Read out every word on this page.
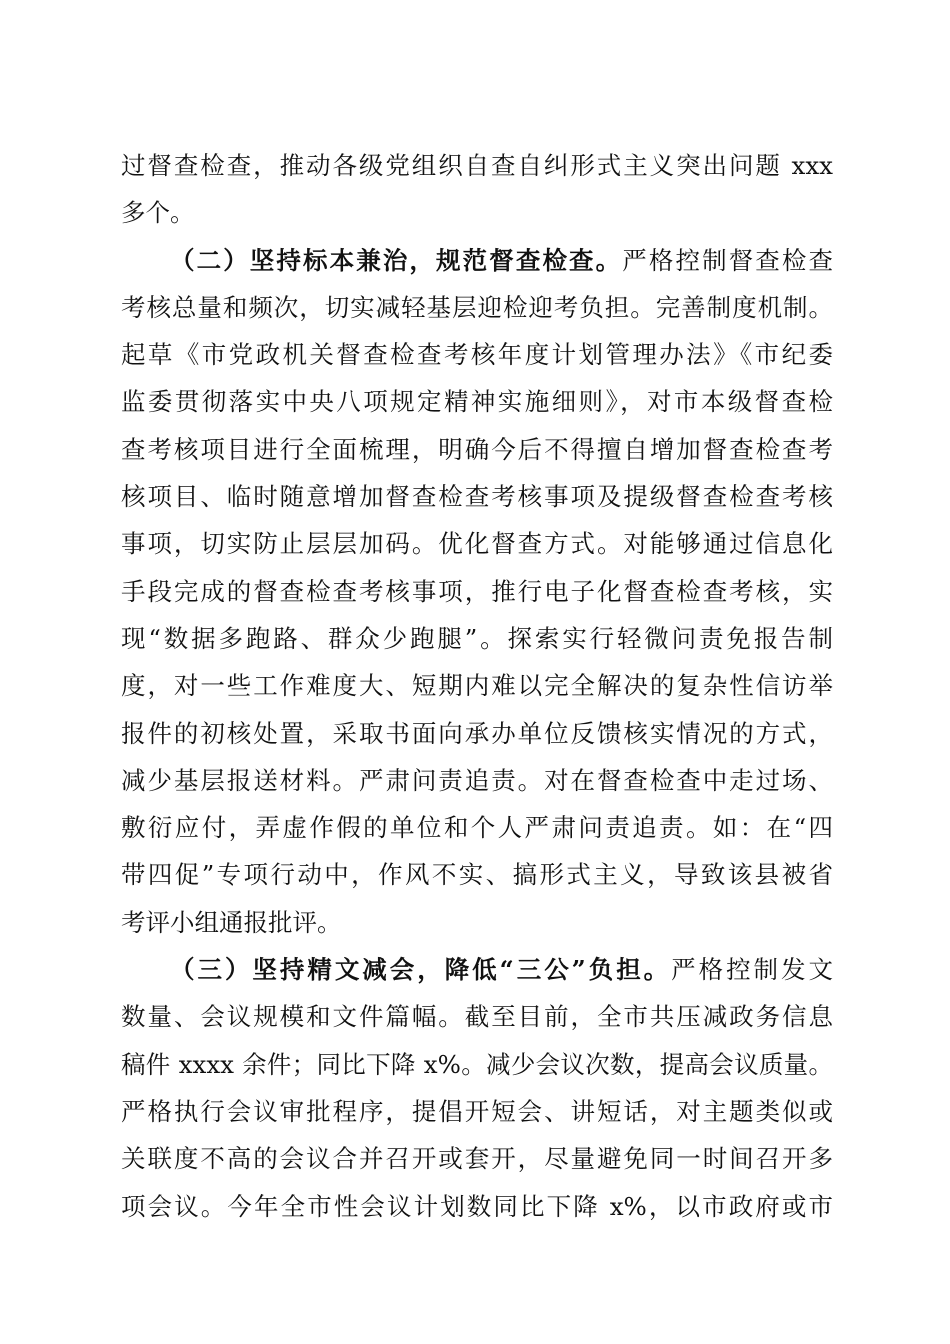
过督查检查，推动各级党组织自查自纠形式主义突出问题 xxx
多个。
（二）坚持标本兼治，规范督查检查。严格控制督查检查
考核总量和频次，切实减轻基层迎检迎考负担。完善制度机制。
起草《市党政机关督查检查考核年度计划管理办法》《市纪委
监委贯彻落实中央八项规定精神实施细则》，对市本级督查检
查考核项目进行全面梳理，明确今后不得擅自增加督查检查考
核项目、临时随意增加督查检查考核事项及提级督查检查考核
事项，切实防止层层加码。优化督查方式。对能够通过信息化
手段完成的督查检查考核事项，推行电子化督查检查考核，实
现“数据多跑路、群众少跑腿”。探索实行轻微问责免报告制
度，对一些工作难度大、短期内难以完全解决的复杂性信访举
报件的初核处置，采取书面向承办单位反馈核实情况的方式，
减少基层报送材料。严肃问责追责。对在督查检查中走过场、
敷衍应付，弄虚作假的单位和个人严肃问责追责。如：在“四
带四促”专项行动中，作风不实、搞形式主义，导致该县被省
考评小组通报批评。
（三）坚持精文减会，降低“三公”负担。严格控制发文
数量、会议规模和文件篇幅。截至目前，全市共压减政务信息
稿件 xxxx 余件；同比下降 x%。减少会议次数，提高会议质量。
严格执行会议审批程序，提倡开短会、讲短话，对主题类似或
关联度不高的会议合并召开或套开，尽量避免同一时间召开多
项会议。今年全市性会议计划数同比下降 x%，以市政府或市
